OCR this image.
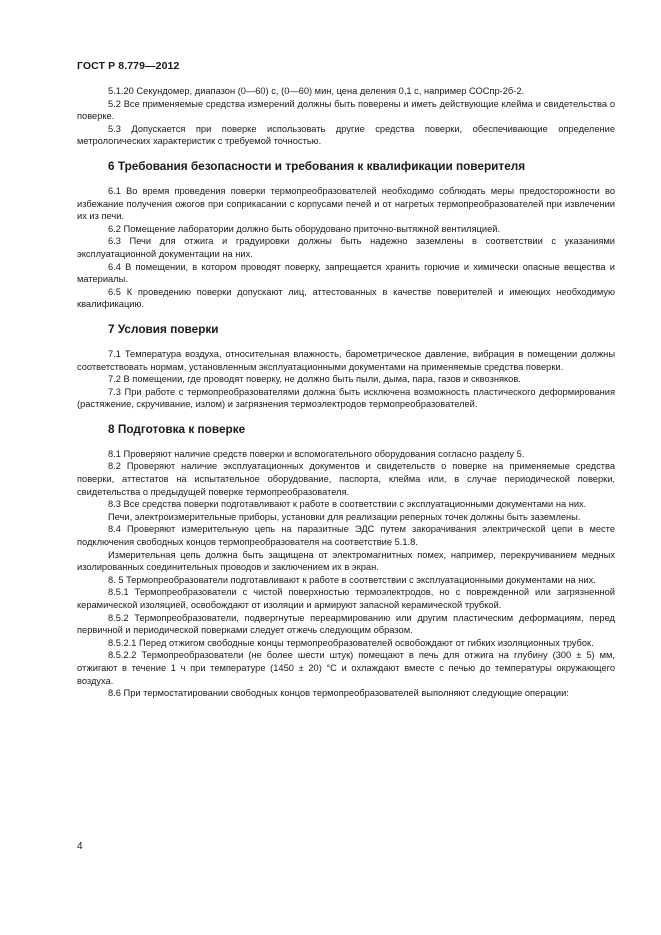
ГОСТ Р 8.779—2012

5.1.20 Секундомер, диапазон (0—60) с, (0—60) мин, цена деления 0,1 с, например СОСпр-2б-2.

5.2 Все применяемые средства измерений должны быть поверены и иметь действующие клейма и свидетельства о поверке.

5.3 Допускается при поверке использовать другие средства поверки, обеспечивающие определение метрологических характеристик с требуемой точностью.

6 Требования безопасности и требования к квалификации поверителя

6.1 Во время проведения поверки термопреобразователей необходимо соблюдать меры предосторожности во избежание получения ожогов при соприкасании с корпусами печей и от нагретых термопреобразователей при извлечении их из печи.

6.2 Помещение лаборатории должно быть оборудовано приточно-вытяжной вентиляцией.

6.3 Печи для отжига и градуировки должны быть надежно заземлены в соответствии с указаниями эксплуатационной документации на них.

6.4 В помещении, в котором проводят поверку, запрещается хранить горючие и химически опасные вещества и материалы.

6.5 К проведению поверки допускают лиц, аттестованных в качестве поверителей и имеющих необходимую квалификацию.

7 Условия поверки

7.1 Температура воздуха, относительная влажность, барометрическое давление, вибрация в помещении должны соответствовать нормам, установленным эксплуатационными документами на применяемые средства поверки.

7.2 В помещении, где проводят поверку, не должно быть пыли, дыма, пара, газов и сквозняков.

7.3 При работе с термопреобразователями должна быть исключена возможность пластического деформирования (растяжение, скручивание, излом) и загрязнения термоэлектродов термопреобразователей.

8 Подготовка к поверке

8.1 Проверяют наличие средств поверки и вспомогательного оборудования согласно разделу 5.

8.2 Проверяют наличие эксплуатационных документов и свидетельств о поверке на применяемые средства поверки, аттестатов на испытательное оборудование, паспорта, клейма или, в случае периодической поверки, свидетельства о предыдущей поверке термопреобразователя.

8.3 Все средства поверки подготавливают к работе в соответствии с эксплуатационными документами на них.

Печи, электроизмерительные приборы, установки для реализации реперных точек должны быть заземлены.

8.4 Проверяют измерительную цепь на паразитные ЭДС путем закорачивания электрической цепи в месте подключения свободных концов термопреобразователя на соответствие 5.1.8.

Измерительная цепь должна быть защищена от электромагнитных помех, например, перекручиванием медных изолированных соединительных проводов и заключением их в экран.

8. 5 Термопреобразователи подготавливают к работе в соответствии с эксплуатационными документами на них.

8.5.1 Термопреобразователи с чистой поверхностью термоэлектродов, но с поврежденной или загрязненной керамической изоляцией, освобождают от изоляции и армируют запасной керамической трубкой.

8.5.2 Термопреобразователи, подвергнутые переармированию или другим пластическим деформациям, перед первичной и периодической поверками следует отжечь следующим образом.

8.5.2.1 Перед отжигом свободные концы термопреобразователей освобождают от гибких изоляционных трубок.

8.5.2.2 Термопреобразователи (не более шести штук) помещают в печь для отжига на глубину (300 ± 5) мм, отжигают в течение 1 ч при температуре (1450 ± 20) °С и охлаждают вместе с печью до температуры окружающего воздуха.

8.6 При термостатировании свободных концов термопреобразователей выполняют следующие операции:

4
